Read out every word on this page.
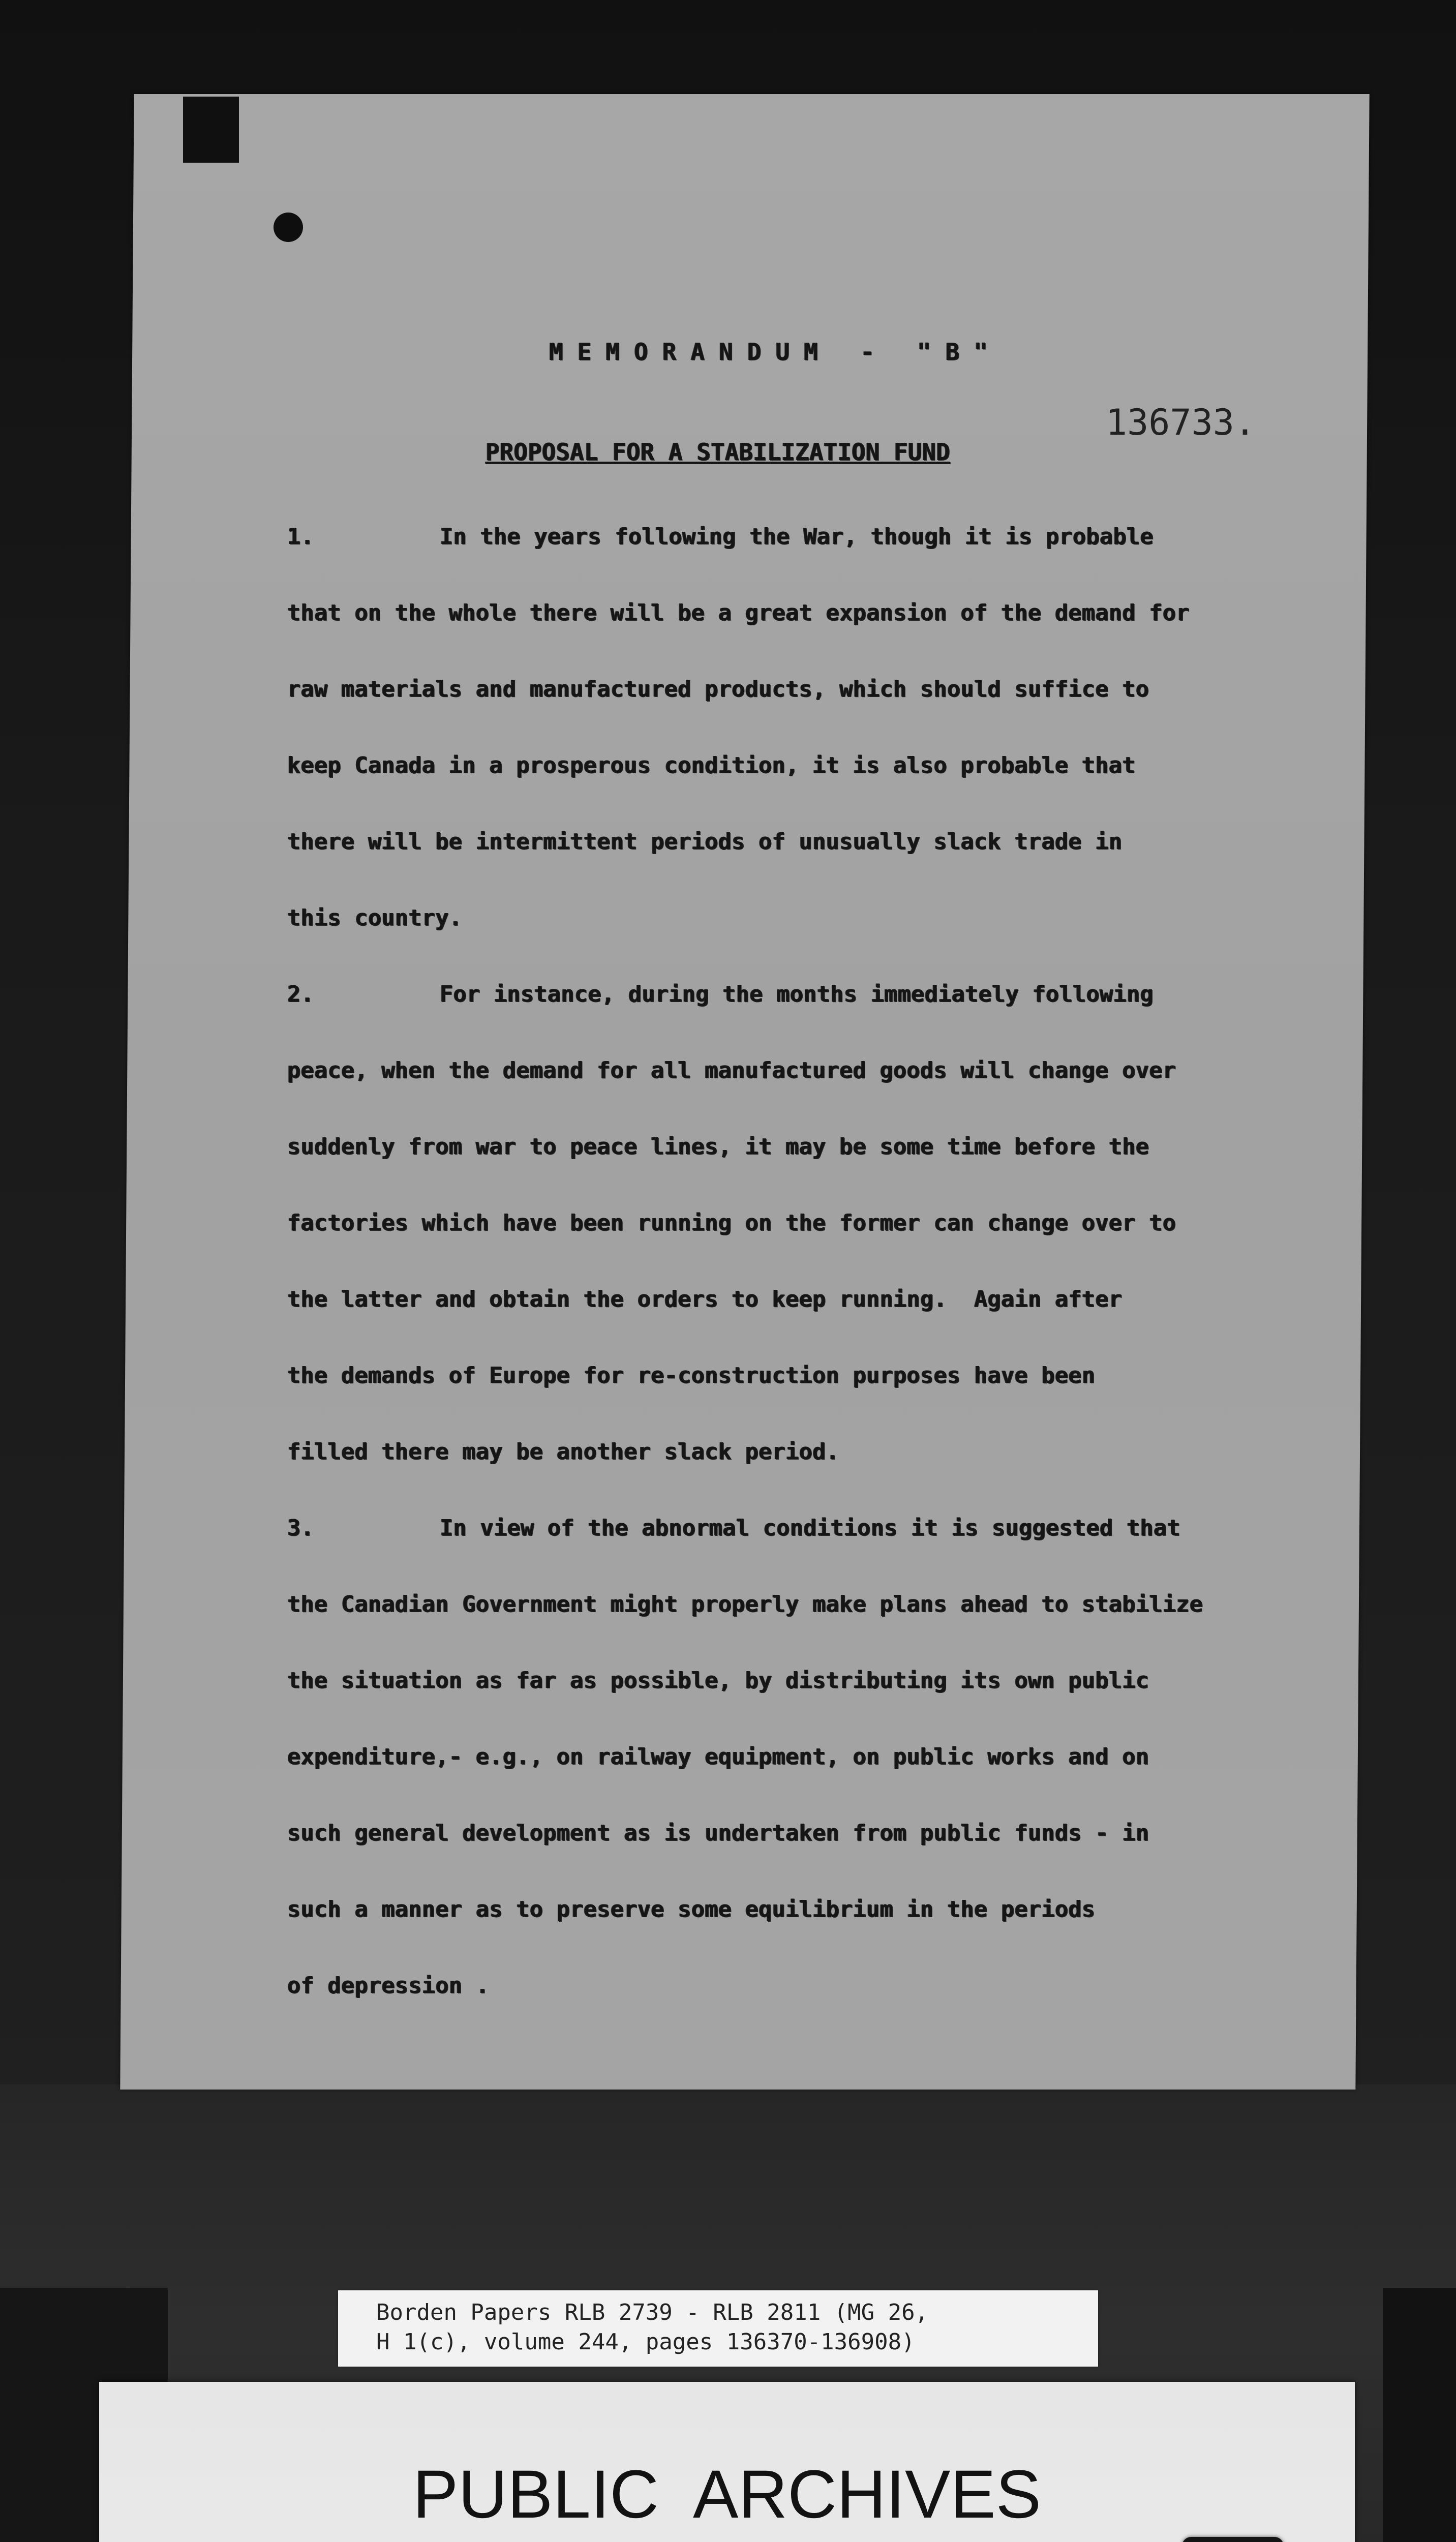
MEMORANDUM - "B"
136733.
PROPOSAL FOR A STABILIZATION FUND
1.	In the years following the War, though it is probable
that on the whole there will be a great expansion of the demand for
raw materials and manufactured products, which should suffice to
keep Canada in a prosperous condition, it is also probable that
there will be intermittent periods of unusually slack trade in
this country.
2.	For instance, during the months immediately following
peace, when the demand for all manufactured goods will change over
suddenly from war to peace lines, it may be some time before the
factories which have been running on the former can change over to
the latter and obtain the orders to keep running.  Again after
the demands of Europe for re-construction purposes have been
filled there may be another slack period.
3.	In view of the abnormal conditions it is suggested that
the Canadian Government might properly make plans ahead to stabilize
the situation as far as possible, by distributing its own public
expenditure,- e.g., on railway equipment, on public works and on
such general development as is undertaken from public funds - in
such a manner as to preserve some equilibrium in the periods
of depression .
Borden Papers RLB 2739 - RLB 2811 (MG 26,
H 1(c), volume 244, pages 136370-136908)
PUBLIC  ARCHIVES
